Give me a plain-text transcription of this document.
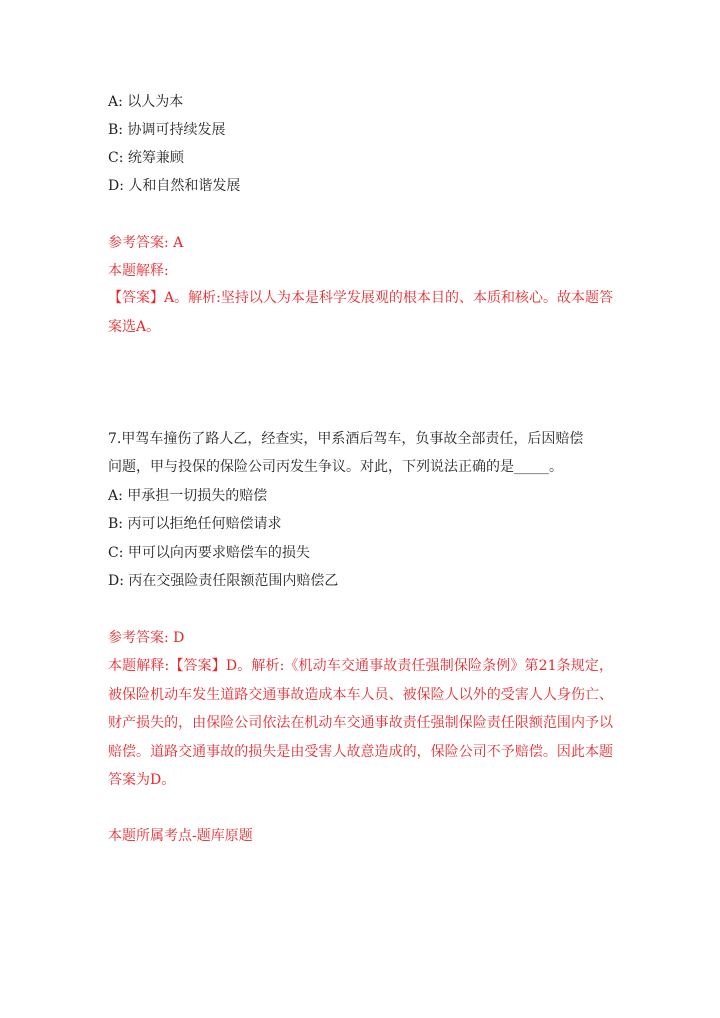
A: 以人为本
B: 协调可持续发展
C: 统筹兼顾
D: 人和自然和谐发展
参考答案: A
本题解释:
【答案】A。解析:坚持以人为本是科学发展观的根本目的、本质和核心。故本题答案选A。
7.甲驾车撞伤了路人乙，经查实，甲系酒后驾车，负事故全部责任，后因赔偿
问题，甲与投保的保险公司丙发生争议。对此，下列说法正确的是_____。
A: 甲承担一切损失的赔偿
B: 丙可以拒绝任何赔偿请求
C: 甲可以向丙要求赔偿车的损失
D: 丙在交强险责任限额范围内赔偿乙
参考答案: D
本题解释:【答案】D。解析:《机动车交通事故责任强制保险条例》第21条规定，被保险机动车发生道路交通事故造成本车人员、被保险人以外的受害人人身伤亡、财产损失的，由保险公司依法在机动车交通事故责任强制保险责任限额范围内予以赔偿。道路交通事故的损失是由受害人故意造成的，保险公司不予赔偿。因此本题答案为D。
本题所属考点-题库原题
